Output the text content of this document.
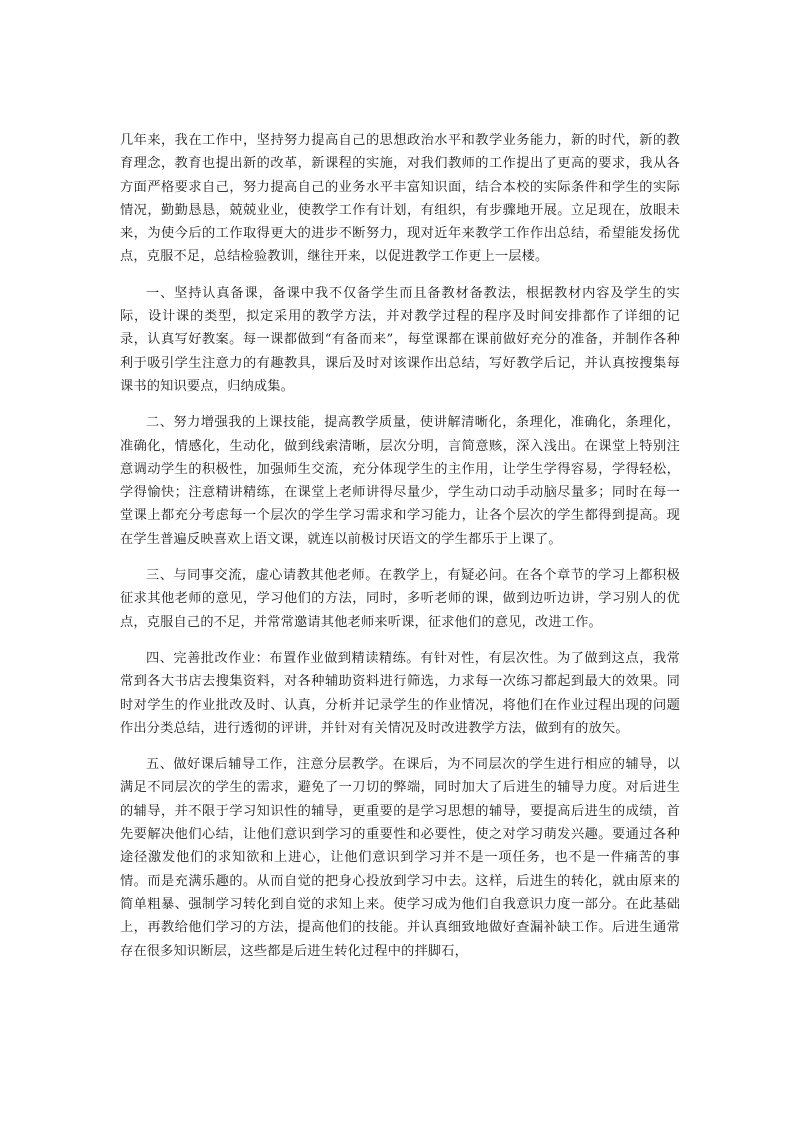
几年来，我在工作中，坚持努力提高自己的思想政治水平和教学业务能力，新的时代，新的教育理念，教育也提出新的改革，新课程的实施，对我们教师的工作提出了更高的要求，我从各方面严格要求自己，努力提高自己的业务水平丰富知识面，结合本校的实际条件和学生的实际情况，勤勤恳恳，兢兢业业，使教学工作有计划，有组织，有步骤地开展。立足现在，放眼未来，为使今后的工作取得更大的进步不断努力，现对近年来教学工作作出总结，希望能发扬优点，克服不足，总结检验教训，继往开来，以促进教学工作更上一层楼。

一、坚持认真备课，备课中我不仅备学生而且备教材备教法，根据教材内容及学生的实际，设计课的类型，拟定采用的教学方法，并对教学过程的程序及时间安排都作了详细的记录，认真写好教案。每一课都做到“有备而来”，每堂课都在课前做好充分的准备，并制作各种利于吸引学生注意力的有趣教具，课后及时对该课作出总结，写好教学后记，并认真按搜集每课书的知识要点，归纳成集。

二、努力增强我的上课技能，提高教学质量，使讲解清晰化，条理化，准确化，条理化，准确化，情感化，生动化，做到线索清晰，层次分明，言简意赅，深入浅出。在课堂上特别注意调动学生的积极性，加强师生交流，充分体现学生的主作用，让学生学得容易，学得轻松，学得愉快；注意精讲精练，在课堂上老师讲得尽量少，学生动口动手动脑尽量多；同时在每一堂课上都充分考虑每一个层次的学生学习需求和学习能力，让各个层次的学生都得到提高。现在学生普遍反映喜欢上语文课，就连以前极讨厌语文的学生都乐于上课了。

三、与同事交流，虚心请教其他老师。在教学上，有疑必问。在各个章节的学习上都积极征求其他老师的意见，学习他们的方法，同时，多听老师的课，做到边听边讲，学习别人的优点，克服自己的不足，并常常邀请其他老师来听课，征求他们的意见，改进工作。

四、完善批改作业：布置作业做到精读精练。有针对性，有层次性。为了做到这点，我常常到各大书店去搜集资料，对各种辅助资料进行筛选，力求每一次练习都起到最大的效果。同时对学生的作业批改及时、认真，分析并记录学生的作业情况，将他们在作业过程出现的问题作出分类总结，进行透彻的评讲，并针对有关情况及时改进教学方法，做到有的放矢。

五、做好课后辅导工作，注意分层教学。在课后，为不同层次的学生进行相应的辅导，以满足不同层次的学生的需求，避免了一刀切的弊端，同时加大了后进生的辅导力度。对后进生的辅导，并不限于学习知识性的辅导，更重要的是学习思想的辅导，要提高后进生的成绩，首先要解决他们心结，让他们意识到学习的重要性和必要性，使之对学习萌发兴趣。要通过各种途径激发他们的求知欲和上进心，让他们意识到学习并不是一项任务，也不是一件痛苦的事情。而是充满乐趣的。从而自觉的把身心投放到学习中去。这样，后进生的转化，就由原来的简单粗暴、强制学习转化到自觉的求知上来。使学习成为他们自我意识力度一部分。在此基础上，再教给他们学习的方法，提高他们的技能。并认真细致地做好查漏补缺工作。后进生通常存在很多知识断层，这些都是后进生转化过程中的拌脚石，
